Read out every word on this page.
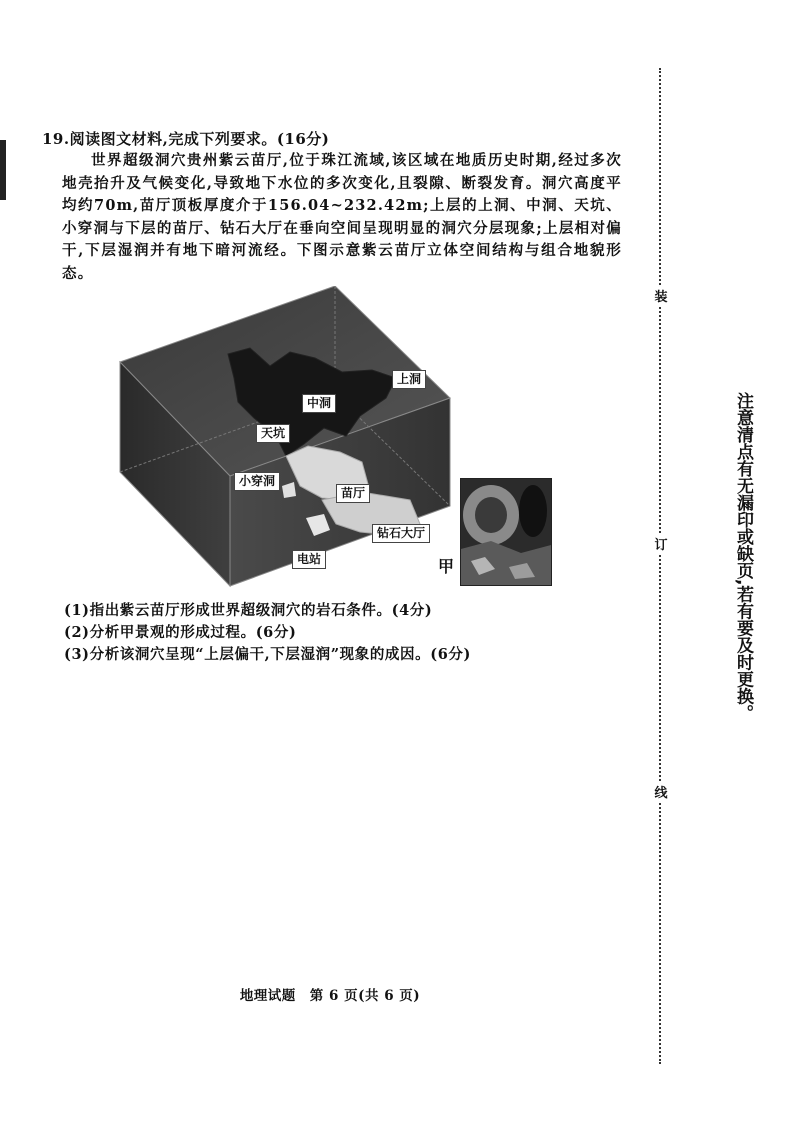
19.阅读图文材料,完成下列要求。(16分)

世界超级洞穴贵州紫云苗厅,位于珠江流域,该区域在地质历史时期,经过多次地壳抬升及气候变化,导致地下水位的多次变化,且裂隙、断裂发育。洞穴高度平均约70m,苗厅顶板厚度介于156.04~232.42m;上层的上洞、中洞、天坑、小穿洞与下层的苗厅、钻石大厅在垂向空间呈现明显的洞穴分层现象;上层相对偏干,下层湿润并有地下暗河流经。下图示意紫云苗厅立体空间结构与组合地貌形态。

上洞
中洞
天坑
小穿洞
苗厅
钻石大厅
电站	甲
(1)指出紫云苗厅形成世界超级洞穴的岩石条件。(4分)
(2)分析甲景观的形成过程。(6分)
(3)分析该洞穴呈现“上层偏干,下层湿润”现象的成因。(6分)
地理试题　第 6 页(共 6 页)
装
订
线
注意清点有无漏印或缺页,若有要及时更换。
